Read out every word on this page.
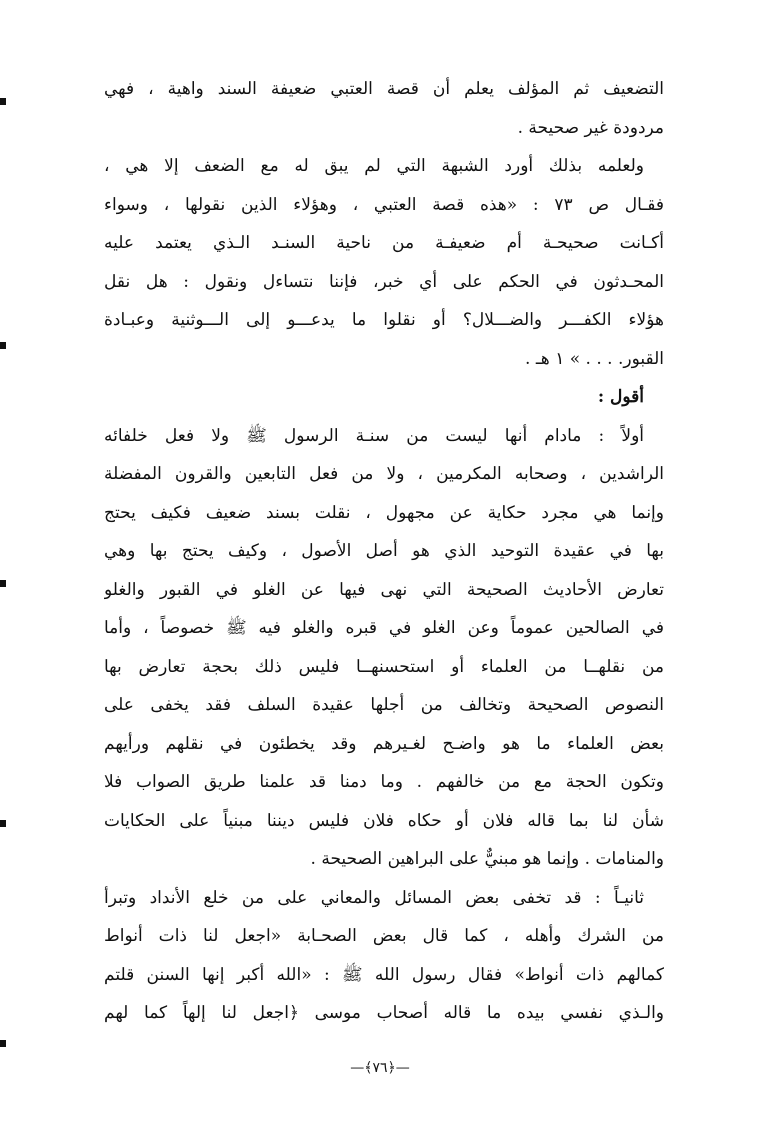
التضعيف ثم المؤلف يعلم أن قصة العتبي ضعيفة السند واهية ، فهي
مردودة غير صحيحة .
ولعلمه بذلك أورد الشبهة التي لم يبق له مع الضعف إلا هي ،
فقـال ص ٧٣ : «هذه قصة العتبي ، وهؤلاء الذين نقولها ، وسواء
أكـانت صحيحـة أم ضعيفـة من ناحية السنـد الـذي يعتمد عليه
المحـدثون في الحكم على أي خبر، فإننا نتساءل ونقول : هل نقل
هؤلاء الكفـــر والضـــلال؟ أو نقلوا ما يدعـــو إلى الـــوثنية وعبـادة
القبور. . . . » ١ هـ .
أقول :
أولاً : مادام أنها ليست من سنـة الرسول ﷺ ولا فعل خلفائه
الراشدين ، وصحابه المكرمين ، ولا من فعل التابعين والقرون المفضلة
وإنما هي مجرد حكاية عن مجهول ، نقلت بسند ضعيف فكيف يحتج
بها في عقيدة التوحيد الذي هو أصل الأصول ، وكيف يحتج بها وهي
تعارض الأحاديث الصحيحة التي نهى فيها عن الغلو في القبور والغلو
في الصالحين عموماً وعن الغلو في قبره والغلو فيه ﷺ خصوصاً ، وأما
من نقلهــا من العلماء أو استحسنهــا فليس ذلك بحجة تعارض بها
النصوص الصحيحة وتخالف من أجلها عقيدة السلف فقد يخفى على
بعض العلماء ما هو واضـح لغـيرهم وقد يخطئون في نقلهم ورأيهم
وتكون الحجة مع من خالفهم . وما دمنا قد علمنا طريق الصواب فلا
شأن لنا بما قاله فلان أو حكاه فلان فليس ديننا مبنياً على الحكايات
والمنامات . وإنما هو مبنيٌّ على البراهين الصحيحة .
ثانيـاً : قد تخفى بعض المسائل والمعاني على من خلع الأنداد وتبرأ
من الشرك وأهله ، كما قال بعض الصحـابة «اجعل لنا ذات أنواط
كمالهم ذات أنواط» فقال رسول الله ﷺ : «الله أكبر إنها السنن قلتم
والـذي نفسي بيده ما قاله أصحاب موسى ﴿اجعل لنا إلهاً كما لهم
—﴿٧٦﴾—
